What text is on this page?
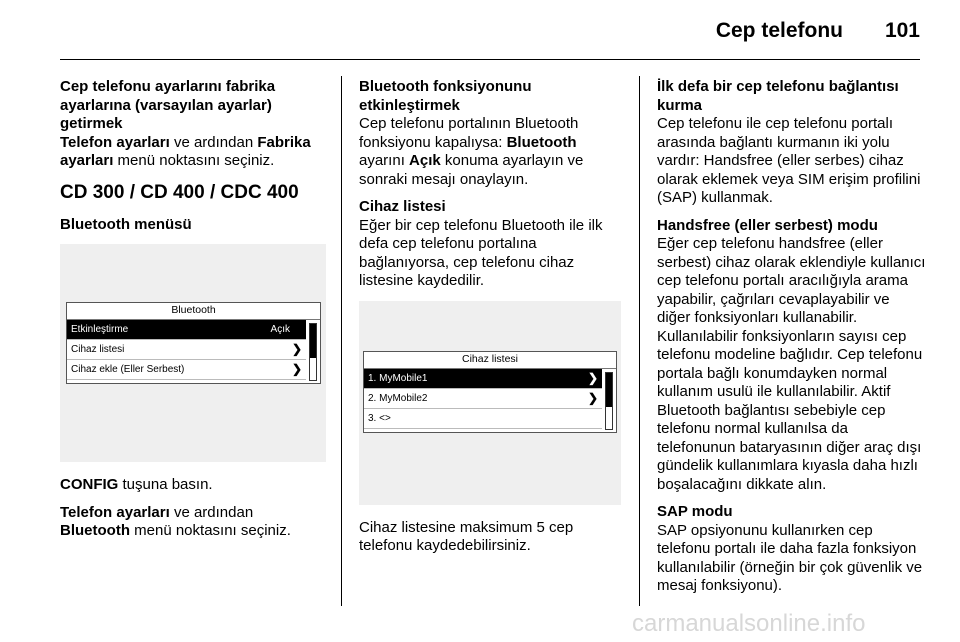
Cep telefonu 101

Cep telefonu ayarlarını fabrika ayarlarına (varsayılan ayarlar) getirmek

Telefon ayarları ve ardından Fabrika ayarları menü noktasını seçiniz.

CD 300 / CD 400 / CDC 400

Bluetooth menüsü

Bluetooth
Etkinleştirme	Açık
Cihaz listesi	❯
Cihaz ekle (Eller Serbest)	❯

CONFIG tuşuna basın.

Telefon ayarları ve ardından
Bluetooth menü noktasını seçiniz.

Bluetooth fonksiyonunu etkinleştirmek

Cep telefonu portalının Bluetooth fonksiyonu kapalıysa: Bluetooth ayarını Açık konuma ayarlayın ve sonraki mesajı onaylayın.

Cihaz listesi

Eğer bir cep telefonu Bluetooth ile ilk defa cep telefonu portalına bağlanıyorsa, cep telefonu cihaz listesine kaydedilir.

Cihaz listesi
1. MyMobile1	❯
2. MyMobile2	❯
3. <>

Cihaz listesine maksimum 5 cep telefonu kaydedebilirsiniz.

İlk defa bir cep telefonu bağlantısı kurma

Cep telefonu ile cep telefonu portalı arasında bağlantı kurmanın iki yolu vardır: Handsfree (eller serbes) cihaz olarak eklemek veya SIM erişim profilini (SAP) kullanmak.

Handsfree (eller serbest) modu

Eğer cep telefonu handsfree (eller serbest) cihaz olarak eklendiyle kullanıcı cep telefonu portalı aracılığıyla arama yapabilir, çağrıları cevaplayabilir ve diğer fonksiyonları kullanabilir. Kullanılabilir fonksiyonların sayısı cep telefonu modeline bağlıdır. Cep telefonu portala bağlı konumdayken normal kullanım usulü ile kullanılabilir. Aktif Bluetooth bağlantısı sebebiyle cep telefonu normal kullanılsa da telefonunun bataryasının diğer araç dışı gündelik kullanımlara kıyasla daha hızlı boşalacağını dikkate alın.

SAP modu

SAP opsiyonunu kullanırken cep telefonu portalı ile daha fazla fonksiyon kullanılabilir (örneğin bir çok güvenlik ve mesaj fonksiyonu).

carmanualsonline.info
